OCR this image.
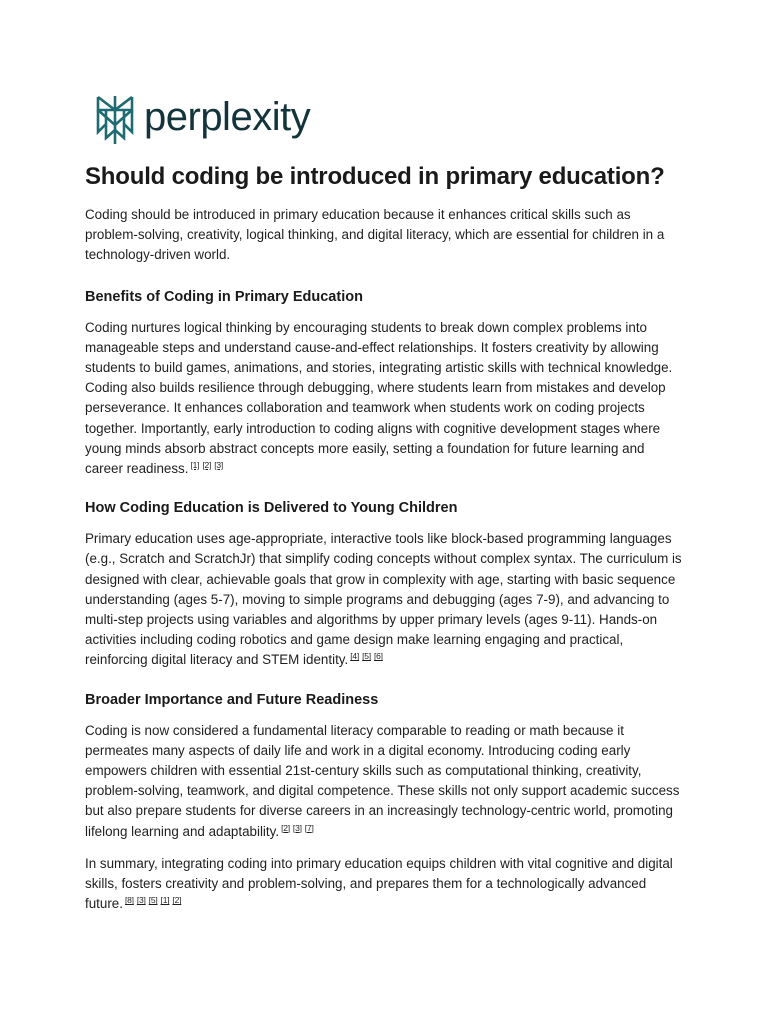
perplexity
Should coding be introduced in primary education?

Coding should be introduced in primary education because it enhances critical skills such as problem-solving, creativity, logical thinking, and digital literacy, which are essential for children in a technology-driven world.

Benefits of Coding in Primary Education

Coding nurtures logical thinking by encouraging students to break down complex problems into manageable steps and understand cause-and-effect relationships. It fosters creativity by allowing students to build games, animations, and stories, integrating artistic skills with technical knowledge. Coding also builds resilience through debugging, where students learn from mistakes and develop perseverance. It enhances collaboration and teamwork when students work on coding projects together. Importantly, early introduction to coding aligns with cognitive development stages where young minds absorb abstract concepts more easily, setting a foundation for future learning and career readiness. [1] [2] [3]

How Coding Education is Delivered to Young Children

Primary education uses age-appropriate, interactive tools like block-based programming languages (e.g., Scratch and ScratchJr) that simplify coding concepts without complex syntax. The curriculum is designed with clear, achievable goals that grow in complexity with age, starting with basic sequence understanding (ages 5-7), moving to simple programs and debugging (ages 7-9), and advancing to multi-step projects using variables and algorithms by upper primary levels (ages 9-11). Hands-on activities including coding robotics and game design make learning engaging and practical, reinforcing digital literacy and STEM identity. [4] [5] [6]

Broader Importance and Future Readiness

Coding is now considered a fundamental literacy comparable to reading or math because it permeates many aspects of daily life and work in a digital economy. Introducing coding early empowers children with essential 21st-century skills such as computational thinking, creativity, problem-solving, teamwork, and digital competence. These skills not only support academic success but also prepare students for diverse careers in an increasingly technology-centric world, promoting lifelong learning and adaptability. [2] [3] [7]

In summary, integrating coding into primary education equips children with vital cognitive and digital skills, fosters creativity and problem-solving, and prepares them for a technologically advanced future. [8] [3] [5] [1] [2]
